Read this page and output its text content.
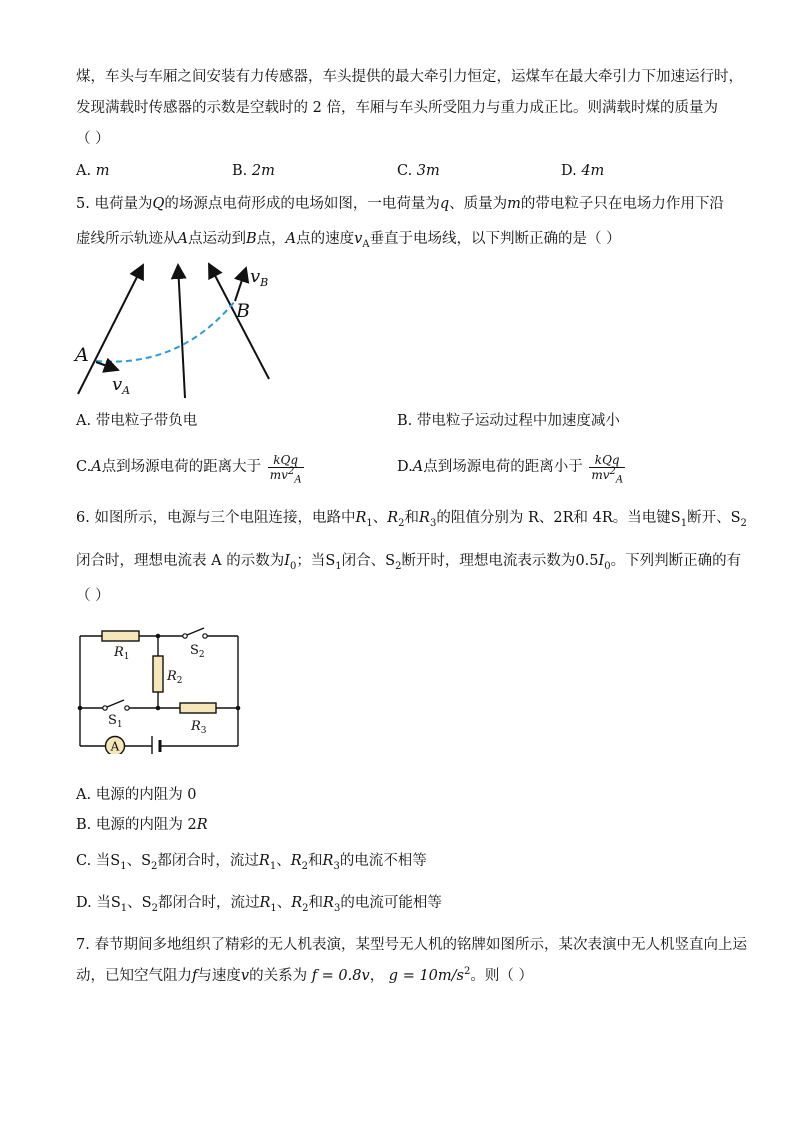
煤，车头与车厢之间安装有力传感器，车头提供的最大牵引力恒定，运煤车在最大牵引力下加速运行时，
发现满载时传感器的示数是空载时的 2 倍，车厢与车头所受阻力与重力成正比。则满载时煤的质量为
（ ）
A. m	B. 2m	C. 3m	D. 4m
5. 电荷量为Q的场源点电荷形成的电场如图，一电荷量为q、质量为m的带电粒子只在电场力作用下沿
虚线所示轨迹从A点运动到B点，A点的速度$v_A$垂直于电场线，以下判断正确的是（ ）
A
B
$v_A$
$v_B$
A. 带电粒子带负电	B. 带电粒子运动过程中加速度减小
C.A点到场源电荷的距离大于 $\frac{\text{kQq}}{mv^2_A}$	D.A点到场源电荷的距离小于 $\frac{\text{kQq}}{mv^2_A}$
6. 如图所示，电源与三个电阻连接，电路中$R_1$、$R_2$和$R_3$的阻值分别为 R、2R和 4R。当电键$S_1$断开、$S_2$
闭合时，理想电流表 A 的示数为$I_0$；当$S_1$闭合、$S_2$断开时，理想电流表示数为$0.5I_0$。下列判断正确的有
（ ）
A
$R_1$	$S_2$
$R_2$
$S_1$	$R_3$
A. 电源的内阻为 0
B. 电源的内阻为 2R
C. 当$S_1$、$S_2$都闭合时，流过$R_1$、$R_2$和$R_3$的电流不相等
D. 当$S_1$、$S_2$都闭合时，流过$R_1$、$R_2$和$R_3$的电流可能相等
7. 春节期间多地组织了精彩的无人机表演，某型号无人机的铭牌如图所示，某次表演中无人机竖直向上运
动，已知空气阻力f与速度v的关系为 f = 0.8v， $g = 10m/s^2$。则（ ）
